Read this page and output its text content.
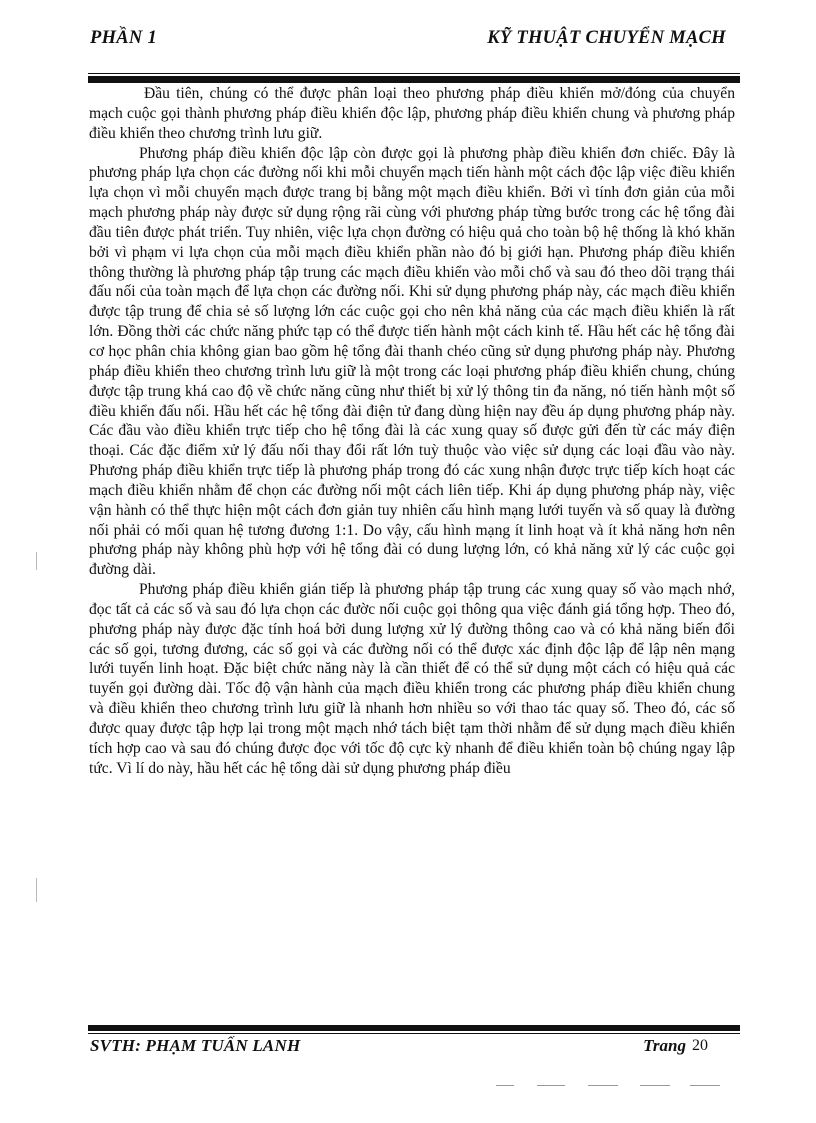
PHẦN 1	KỸ THUẬT CHUYỂN MẠCH

Đầu tiên, chúng có thể được phân loại theo phương pháp điều khiển mở/đóng của chuyển mạch cuộc gọi thành phương pháp điều khiển độc lập, phương pháp điều khiển chung và phương pháp điều khiển theo chương trình lưu giữ.

Phương pháp điều khiển độc lập còn được gọi là phương phàp điều khiển đơn chiếc. Đây là phương pháp lựa chọn các đường nối khi mỗi chuyển mạch tiến hành một cách độc lập việc điều khiển lựa chọn vì mỗi chuyển mạch được trang bị bằng một mạch điều khiển. Bởi vì tính đơn giản của mỗi mạch phương pháp này được sử dụng rộng rãi cùng với phương pháp từng bước trong các hệ tổng đài đầu tiên được phát triển. Tuy nhiên, việc lựa chọn đường có hiệu quả cho toàn bộ hệ thống là khó khăn bởi vì phạm vi lựa chọn của mỗi mạch điều khiển phần nào đó bị giới hạn. Phương pháp điều khiển thông thường là phương pháp tập trung các mạch điều khiển vào mỗi chổ và sau đó theo dõi trạng thái đấu nối của toàn mạch để lựa chọn các đường nối. Khi sử dụng phương pháp này, các mạch điều khiển được tập trung để chia sẻ số lượng lớn các cuộc gọi cho nên khả năng của các mạch điều khiển là rất lớn. Đồng thời các chức năng phức tạp có thể được tiến hành một cách kinh tế. Hầu hết các hệ tổng đài cơ học phân chia không gian bao gồm hệ tổng đài thanh chéo cũng sử dụng phương pháp này. Phương pháp điều khiển theo chương trình lưu giữ là một trong các loại phương pháp điều khiển chung, chúng được tập trung khá cao độ về chức năng cũng như thiết bị xử lý thông tin đa năng, nó tiến hành một số điều khiển đấu nối. Hầu hết các hệ tổng đài điện tử đang dùng hiện nay đều áp dụng phương pháp này. Các đầu vào điều khiển trực tiếp cho hệ tổng đài là các xung quay số được gửi đến từ các máy điện thoại. Các đặc điểm xử lý đấu nối thay đổi rất lớn tuỳ thuộc vào việc sử dụng các loại đầu vào này. Phương pháp điều khiển trực tiếp là phương pháp trong đó các xung nhận được trực tiếp kích hoạt các mạch điều khiển nhằm để chọn các đường nối một cách liên tiếp. Khi áp dụng phương pháp này, việc vận hành có thể thực hiện một cách đơn giản tuy nhiên cấu hình mạng lưới tuyến và số quay là đường nối phải có mối quan hệ tương đương 1:1. Do vậy, cấu hình mạng ít linh hoạt và ít khả năng hơn nên phương pháp này không phù hợp với hệ tổng đài có dung lượng lớn, có khả năng xử lý các cuộc gọi đường dài.

Phương pháp điều khiển gián tiếp là phương pháp tập trung các xung quay số vào mạch nhớ, đọc tất cả các số và sau đó lựa chọn các đườc nối cuộc gọi thông qua việc đánh giá tổng hợp. Theo đó, phương pháp này được đặc tính hoá bởi dung lượng xử lý đường thông cao và có khả năng biến đổi các số gọi, tương đương, các số gọi và các đường nối có thể được xác định độc lập để lập nên mạng lưới tuyến linh hoạt. Đặc biệt chức năng này là cần thiết để có thể sử dụng một cách có hiệu quả các tuyến gọi đường dài. Tốc độ vận hành của mạch điều khiển trong các phương pháp điều khiển chung và điều khiển theo chương trình lưu giữ là nhanh hơn nhiều so với thao tác quay số. Theo đó, các số được quay được tập hợp lại trong một mạch nhớ tách biệt tạm thời nhằm để sử dụng mạch điều khiển tích hợp cao và sau đó chúng được đọc với tốc độ cực kỳ nhanh để điều khiển toàn bộ chúng ngay lập tức. Vì lí do này, hầu hết các hệ tổng dài sử dụng phương pháp điều

SVTH: PHẠM TUẤN LANH	Trang 20
